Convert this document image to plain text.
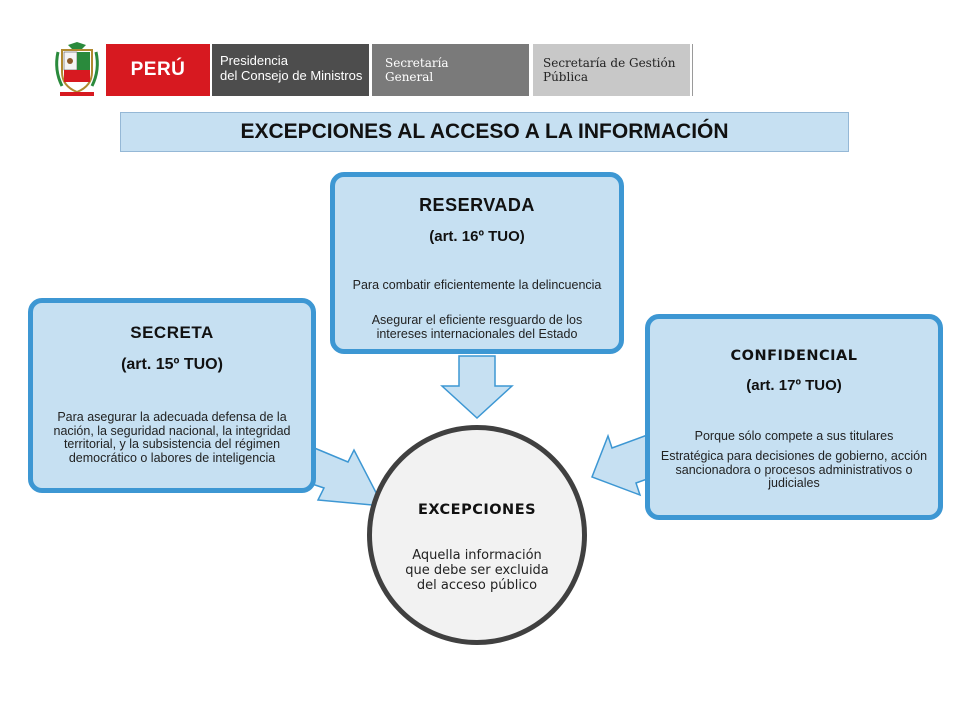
PERÚ	Presidencia
del Consejo de Ministros
Secretaría
General
Secretaría de Gestión
Pública
EXCEPCIONES AL ACCESO A LA INFORMACIÓN
SECRETA
(art. 15º TUO)
Para asegurar la adecuada defensa de la nación, la seguridad nacional, la integridad territorial, y la subsistencia del régimen democrático o labores de inteligencia
RESERVADA
(art. 16º TUO)
Para combatir eficientemente la delincuencia
Asegurar el eficiente resguardo de los intereses internacionales del Estado
CONFIDENCIAL
(art. 17º TUO)
Porque sólo compete a sus titulares
Estratégica para decisiones de gobierno, acción sancionadora o procesos administrativos o judiciales
EXCEPCIONES
Aquella información que debe ser excluida del acceso público
